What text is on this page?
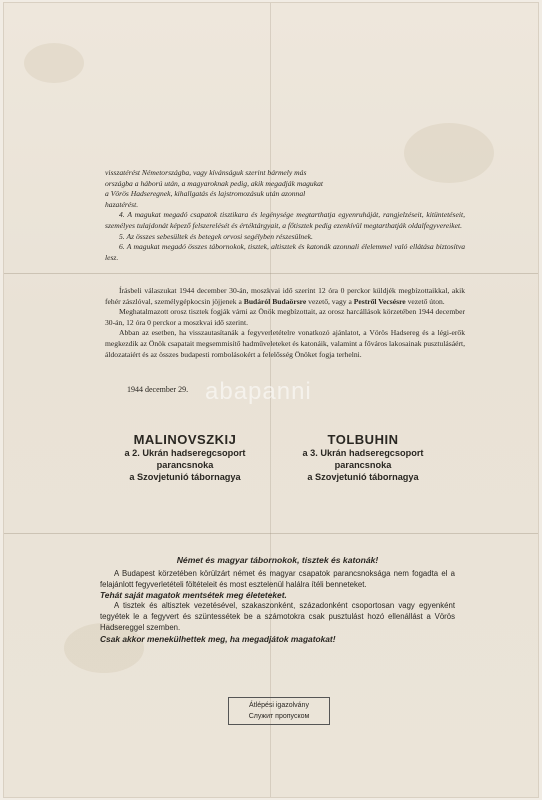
visszatérést Németországba, vagy kívánságuk szerint bármely más

országba a háború után, a magyaroknak pedig, akik megadják magukat

a Vörös Hadseregnek, kihallgatás és lajstromozásuk után azonnal

hazatérést.

4. A magukat megadó csapatok tisztikara és legénysége megtarthatja egyenruháját, rangjelzéseit, kitüntetéseit, személyes tulajdonát képező felszerelését és értéktárgyait, a főtisztek pedig ezenkívül megtarthatják oldalfegyvereiket.

5. Az összes sebesültek és betegek orvosi segélyben részesülnek.

6. A magukat megadó összes tábornokok, tisztek, altisztek és katonák azonnali élelemmel való ellátása biztosítva lesz.

Írásbeli válaszukat 1944 december 30-án, moszkvai idő szerint 12 óra 0 perckor küldjék megbízottaikkal, akik fehér zászlóval, személygépkocsin jöjjenek a Budáról Budaörsre vezető, vagy a Pestről Vecsésre vezető úton.

Meghatalmazott orosz tisztek fogják várni az Önök megbízottait, az orosz harcállások körzetében 1944 december 30-án, 12 óra 0 perckor a moszkvai idő szerint.

Abban az esetben, ha visszautasítanák a fegyverletételre vonatkozó ajánlatot, a Vörös Hadsereg és a légi-erők megkezdik az Önök csapatait megsemmisítő hadműveleteket és katonáik, valamint a főváros lakosainak pusztulásáért, áldozataiért és az összes budapesti rombolásokért a felelősség Önöket fogja terhelni.

1944 december 29.
MALINOVSZKIJ
a 2. Ukrán hadseregcsoport
parancsnoka
a Szovjetunió tábornagya
TOLBUHIN
a 3. Ukrán hadseregcsoport
parancsnoka
a Szovjetunió tábornagya
abapanni

Német és magyar tábornokok, tisztek és katonák!

A Budapest körzetében körülzárt német és magyar csapatok parancsnoksága nem fogadta el a felajánlott fegyverletételi föltételeit és most esztelenül halálra ítéli benneteket.

Tehát saját magatok mentsétek meg életeteket.

A tisztek és altisztek vezetésével, szakaszonként, századonként csoportosan vagy egyenként tegyétek le a fegyvert és szüntessétek be a számotokra csak pusztulást hozó ellenállást a Vörös Hadsereggel szemben.

Csak akkor menekülhettek meg, ha megadjátok magatokat!

Átlépési igazolvány
Служит пропуском
